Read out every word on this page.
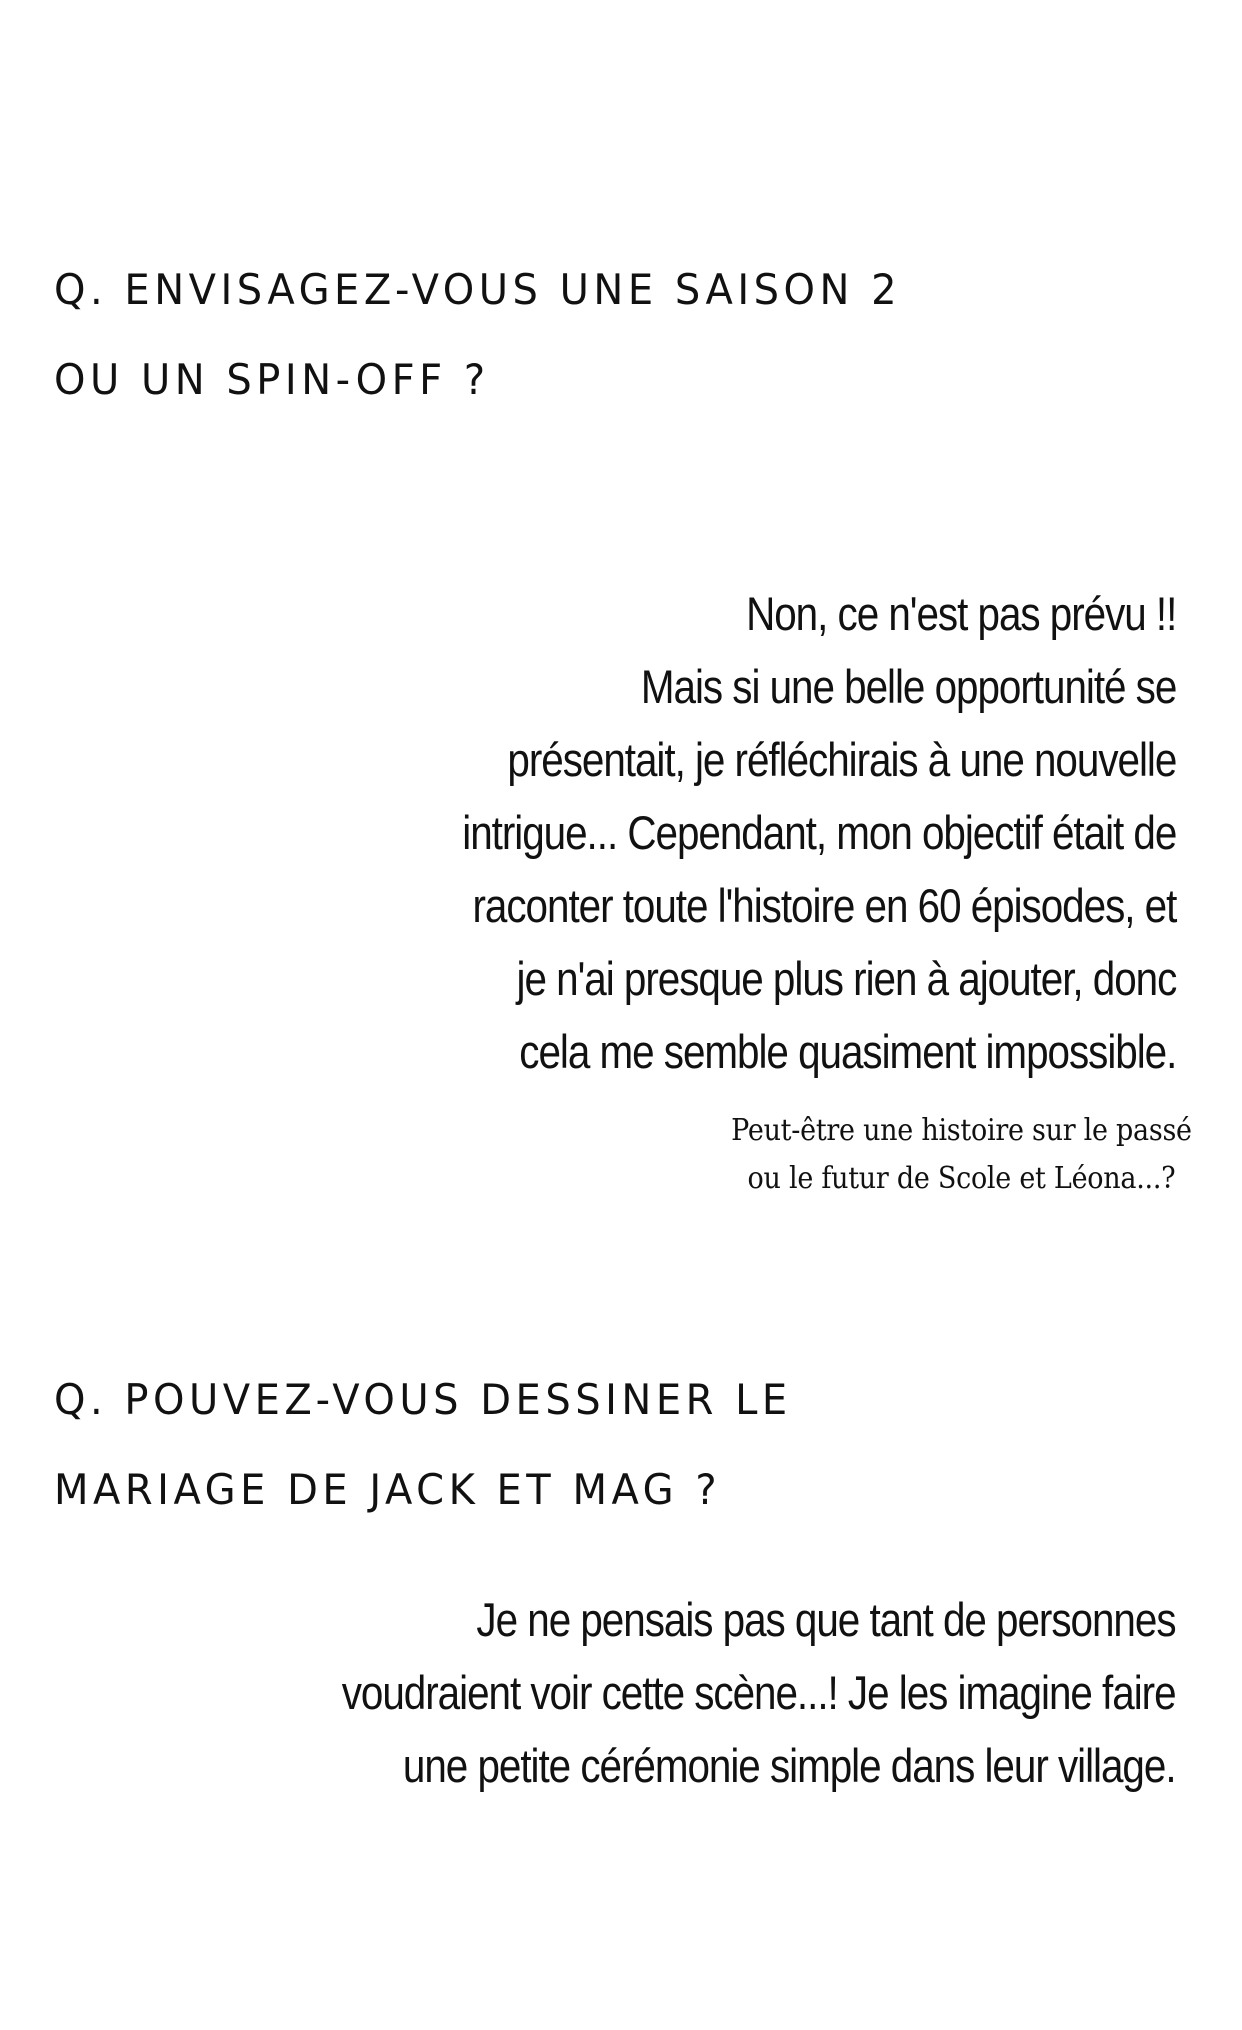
Q. ENVISAGEZ-VOUS UNE SAISON 2
OU UN SPIN-OFF ?

Non, ce n'est pas prévu !!
Mais si une belle opportunité se
présentait, je réfléchirais à une nouvelle
intrigue... Cependant, mon objectif était de
raconter toute l'histoire en 60 épisodes, et
je n'ai presque plus rien à ajouter, donc
cela me semble quasiment impossible.

Peut-être une histoire sur le passé
ou le futur de Scole et Léona...?

Q. POUVEZ-VOUS DESSINER LE
MARIAGE DE JACK ET MAG ?

Je ne pensais pas que tant de personnes
voudraient voir cette scène...! Je les imagine faire
une petite cérémonie simple dans leur village.
